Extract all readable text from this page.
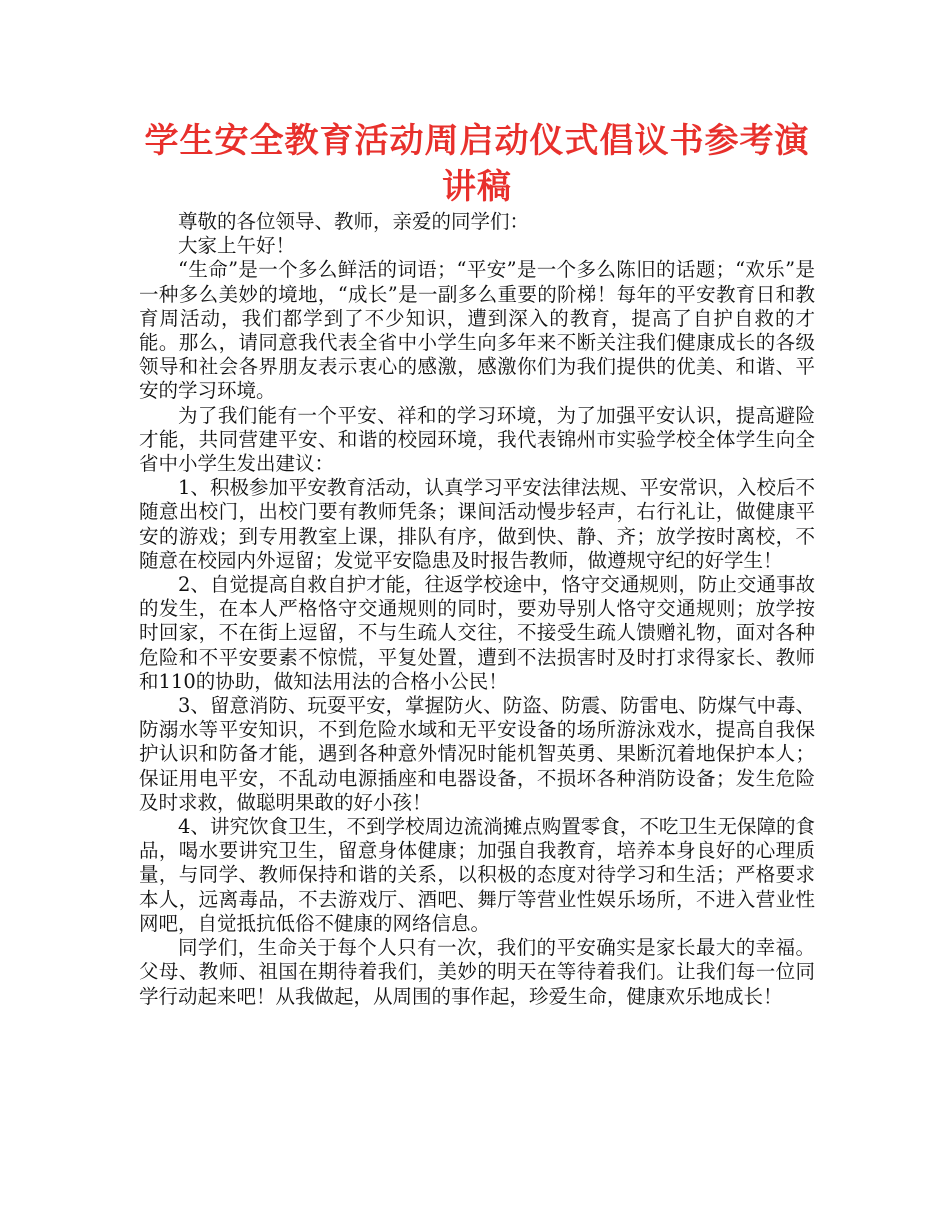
学生安全教育活动周启动仪式倡议书参考演讲稿

尊敬的各位领导、教师，亲爱的同学们：

大家上午好！

“生命”是一个多么鲜活的词语；“平安”是一个多么陈旧的话题；“欢乐”是一种多么美妙的境地，“成长”是一副多么重要的阶梯！每年的平安教育日和教育周活动，我们都学到了不少知识，遭到深入的教育，提高了自护自救的才能。那么，请同意我代表全省中小学生向多年来不断关注我们健康成长的各级领导和社会各界朋友表示衷心的感激，感激你们为我们提供的优美、和谐、平安的学习环境。

为了我们能有一个平安、祥和的学习环境，为了加强平安认识，提高避险才能，共同营建平安、和谐的校园环境，我代表锦州市实验学校全体学生向全省中小学生发出建议：

1、积极参加平安教育活动，认真学习平安法律法规、平安常识，入校后不随意出校门，出校门要有教师凭条；课间活动慢步轻声，右行礼让，做健康平安的游戏；到专用教室上课，排队有序，做到快、静、齐；放学按时离校，不随意在校园内外逗留；发觉平安隐患及时报告教师，做遵规守纪的好学生！

2、自觉提高自救自护才能，往返学校途中，恪守交通规则，防止交通事故的发生，在本人严格恪守交通规则的同时，要劝导别人恪守交通规则；放学按时回家，不在街上逗留，不与生疏人交往，不接受生疏人馈赠礼物，面对各种危险和不平安要素不惊慌，平复处置，遭到不法损害时及时打求得家长、教师和110的协助，做知法用法的合格小公民！

3、留意消防、玩耍平安，掌握防火、防盗、防震、防雷电、防煤气中毒、防溺水等平安知识，不到危险水域和无平安设备的场所游泳戏水，提高自我保护认识和防备才能，遇到各种意外情况时能机智英勇、果断沉着地保护本人；保证用电平安，不乱动电源插座和电器设备，不损坏各种消防设备；发生危险及时求救，做聪明果敢的好小孩！

4、讲究饮食卫生，不到学校周边流淌摊点购置零食，不吃卫生无保障的食品，喝水要讲究卫生，留意身体健康；加强自我教育，培养本身良好的心理质量，与同学、教师保持和谐的关系，以积极的态度对待学习和生活；严格要求本人，远离毒品，不去游戏厅、酒吧、舞厅等营业性娱乐场所，不进入营业性网吧，自觉抵抗低俗不健康的网络信息。

同学们，生命关于每个人只有一次，我们的平安确实是家长最大的幸福。父母、教师、祖国在期待着我们，美妙的明天在等待着我们。让我们每一位同学行动起来吧！从我做起，从周围的事作起，珍爱生命，健康欢乐地成长！
